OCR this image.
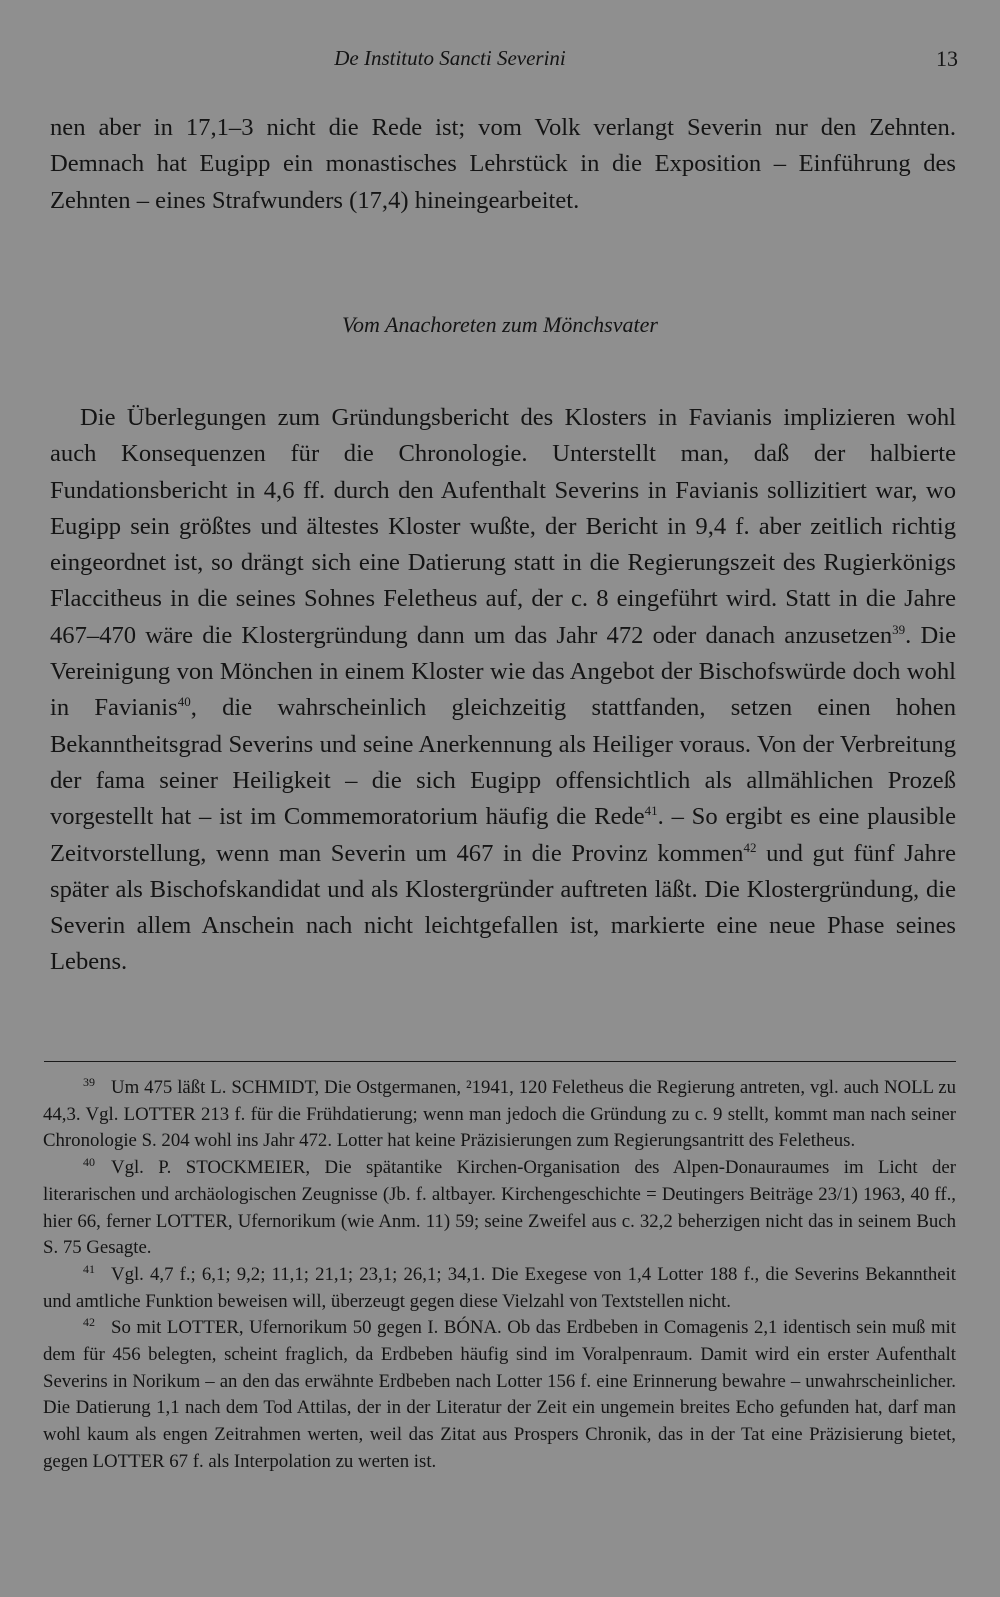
De Instituto Sancti Severini	13

nen aber in 17,1–3 nicht die Rede ist; vom Volk verlangt Severin nur den Zehnten. Demnach hat Eugipp ein monastisches Lehrstück in die Exposition – Einführung des Zehnten – eines Strafwunders (17,4) hineingearbeitet.

Vom Anachoreten zum Mönchsvater

Die Überlegungen zum Gründungsbericht des Klosters in Favianis implizieren wohl auch Konsequenzen für die Chronologie. Unterstellt man, daß der halbierte Fundationsbericht in 4,6 ff. durch den Aufenthalt Severins in Favianis sollizitiert war, wo Eugipp sein größtes und ältestes Kloster wußte, der Bericht in 9,4 f. aber zeitlich richtig eingeordnet ist, so drängt sich eine Datierung statt in die Regierungszeit des Rugierkönigs Flaccitheus in die seines Sohnes Feletheus auf, der c. 8 eingeführt wird. Statt in die Jahre 467–470 wäre die Klostergründung dann um das Jahr 472 oder danach anzusetzen$^{39}$. Die Vereinigung von Mönchen in einem Kloster wie das Angebot der Bischofswürde doch wohl in Favianis$^{40}$, die wahrscheinlich gleichzeitig stattfanden, setzen einen hohen Bekanntheitsgrad Severins und seine Anerkennung als Heiliger voraus. Von der Verbreitung der fama seiner Heiligkeit – die sich Eugipp offensichtlich als allmählichen Prozeß vorgestellt hat – ist im Commemoratorium häufig die Rede$^{41}$. – So ergibt es eine plausible Zeitvorstellung, wenn man Severin um 467 in die Provinz kommen$^{42}$ und gut fünf Jahre später als Bischofskandidat und als Klostergründer auftreten läßt. Die Klostergründung, die Severin allem Anschein nach nicht leichtgefallen ist, markierte eine neue Phase seines Lebens.

$^{39}$ Um 475 läßt L. SCHMIDT, Die Ostgermanen, ²1941, 120 Feletheus die Regierung antreten, vgl. auch NOLL zu 44,3. Vgl. LOTTER 213 f. für die Frühdatierung; wenn man jedoch die Gründung zu c. 9 stellt, kommt man nach seiner Chronologie S. 204 wohl ins Jahr 472. Lotter hat keine Präzisierungen zum Regierungsantritt des Feletheus.

$^{40}$ Vgl. P. STOCKMEIER, Die spätantike Kirchen-Organisation des Alpen-Donauraumes im Licht der literarischen und archäologischen Zeugnisse (Jb. f. altbayer. Kirchengeschichte = Deutingers Beiträge 23/1) 1963, 40 ff., hier 66, ferner LOTTER, Ufernorikum (wie Anm. 11) 59; seine Zweifel aus c. 32,2 beherzigen nicht das in seinem Buch S. 75 Gesagte.

$^{41}$ Vgl. 4,7 f.; 6,1; 9,2; 11,1; 21,1; 23,1; 26,1; 34,1. Die Exegese von 1,4 Lotter 188 f., die Severins Bekanntheit und amtliche Funktion beweisen will, überzeugt gegen diese Vielzahl von Textstellen nicht.

$^{42}$ So mit LOTTER, Ufernorikum 50 gegen I. BÓNA. Ob das Erdbeben in Comagenis 2,1 identisch sein muß mit dem für 456 belegten, scheint fraglich, da Erdbeben häufig sind im Voralpenraum. Damit wird ein erster Aufenthalt Severins in Norikum – an den das erwähnte Erdbeben nach Lotter 156 f. eine Erinnerung bewahre – unwahrscheinlicher. Die Datierung 1,1 nach dem Tod Attilas, der in der Literatur der Zeit ein ungemein breites Echo gefunden hat, darf man wohl kaum als engen Zeitrahmen werten, weil das Zitat aus Prospers Chronik, das in der Tat eine Präzisierung bietet, gegen LOTTER 67 f. als Interpolation zu werten ist.
